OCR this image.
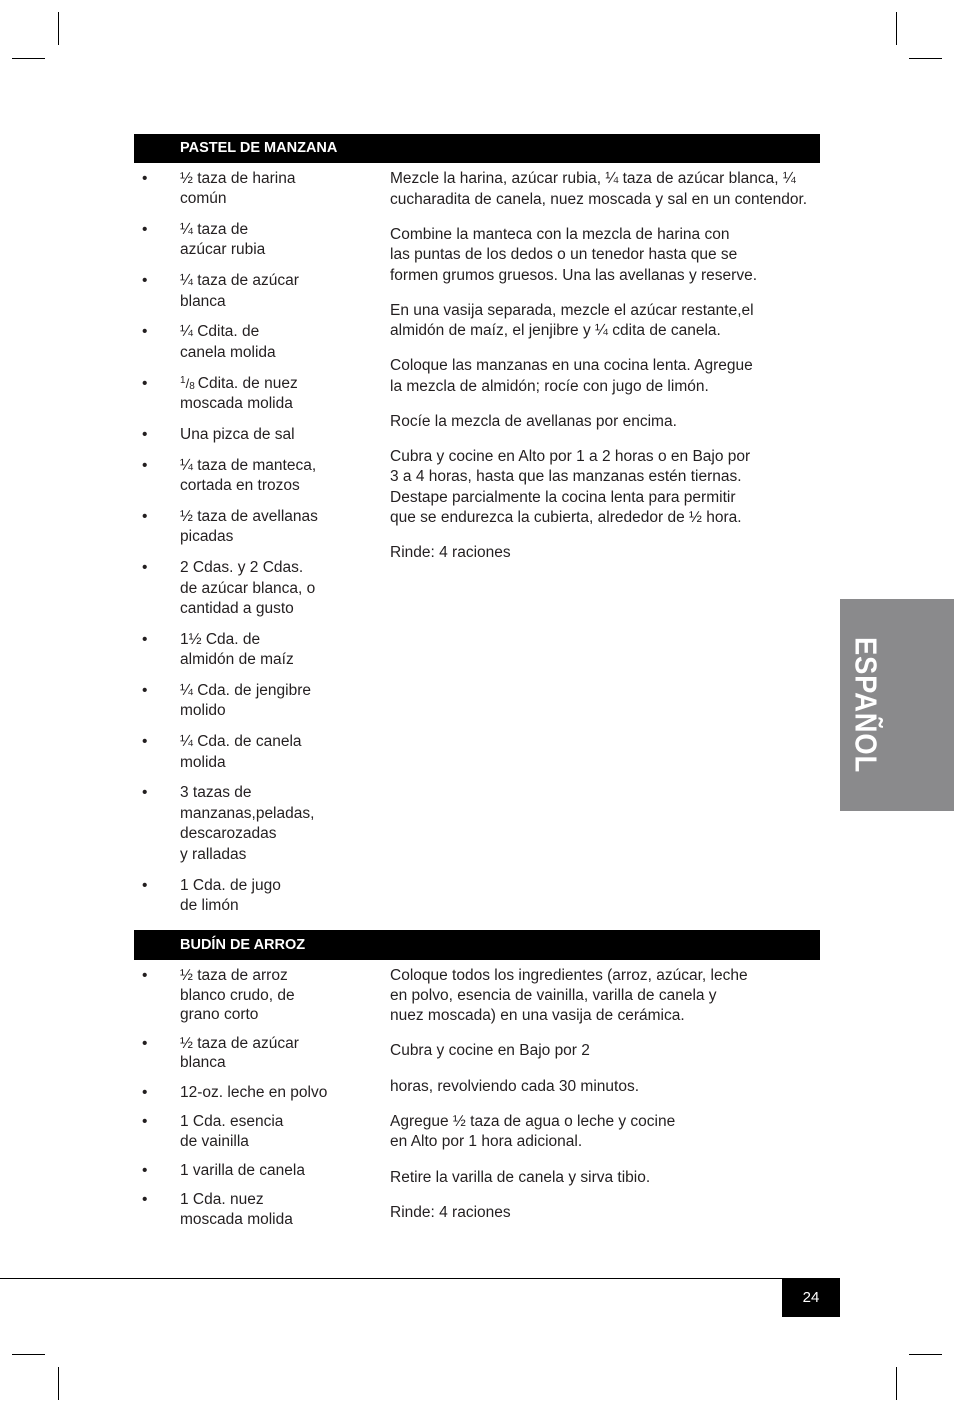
PASTEL DE MANZANA
• ½ taza de harina
común
• ¼ taza de
azúcar rubia
• ¼ taza de azúcar
blanca
• ¼ Cdita. de
canela molida
•	$^1/_8$ Cdita. de nuez
moscada molida
• Una pizca de sal
• ¼ taza de manteca,
cortada en trozos
• ½ taza de avellanas
picadas
• 2 Cdas. y 2 Cdas.
de azúcar blanca, o
cantidad a gusto
• 1½ Cda. de
almidón de maíz
• ¼ Cda. de jengibre
molido
• ¼ Cda. de canela
molida
• 3 tazas de
manzanas,peladas,
descarozadas
y ralladas
• 1 Cda. de jugo
de limón

Mezcle la harina, azúcar rubia, ¼ taza de azúcar blanca, ¼
cucharadita de canela, nuez moscada y sal en un contendor.

Combine la manteca con la mezcla de harina con
las puntas de los dedos o un tenedor hasta que se
formen grumos gruesos. Una las avellanas y reserve.

En una vasija separada, mezcle el azúcar restante,el
almidón de maíz, el jenjibre y ¼ cdita de canela.

Coloque las manzanas en una cocina lenta. Agregue
la mezcla de almidón; rocíe con jugo de limón.

Rocíe la mezcla de avellanas por encima.

Cubra y cocine en Alto por 1 a 2 horas o en Bajo por
3 a 4 horas, hasta que las manzanas estén tiernas.
Destape parcialmente la cocina lenta para permitir
que se endurezca la cubierta, alrededor de ½ hora.

Rinde: 4 raciones

BUDÍN DE ARROZ
• ½ taza de arroz
blanco crudo, de
grano corto
• ½ taza de azúcar
blanca
• 12-oz. leche en polvo
• 1 Cda. esencia
de vainilla
• 1 varilla de canela
• 1 Cda. nuez
moscada molida

Coloque todos los ingredientes (arroz, azúcar, leche
en polvo, esencia de vainilla, varilla de canela y
nuez moscada) en una vasija de cerámica.

Cubra y cocine en Bajo por 2

horas, revolviendo cada 30 minutos.

Agregue ½ taza de agua o leche y cocine
en Alto por 1 hora adicional.

Retire la varilla de canela y sirva tibio.

Rinde: 4 raciones

ESPAÑOL
24
